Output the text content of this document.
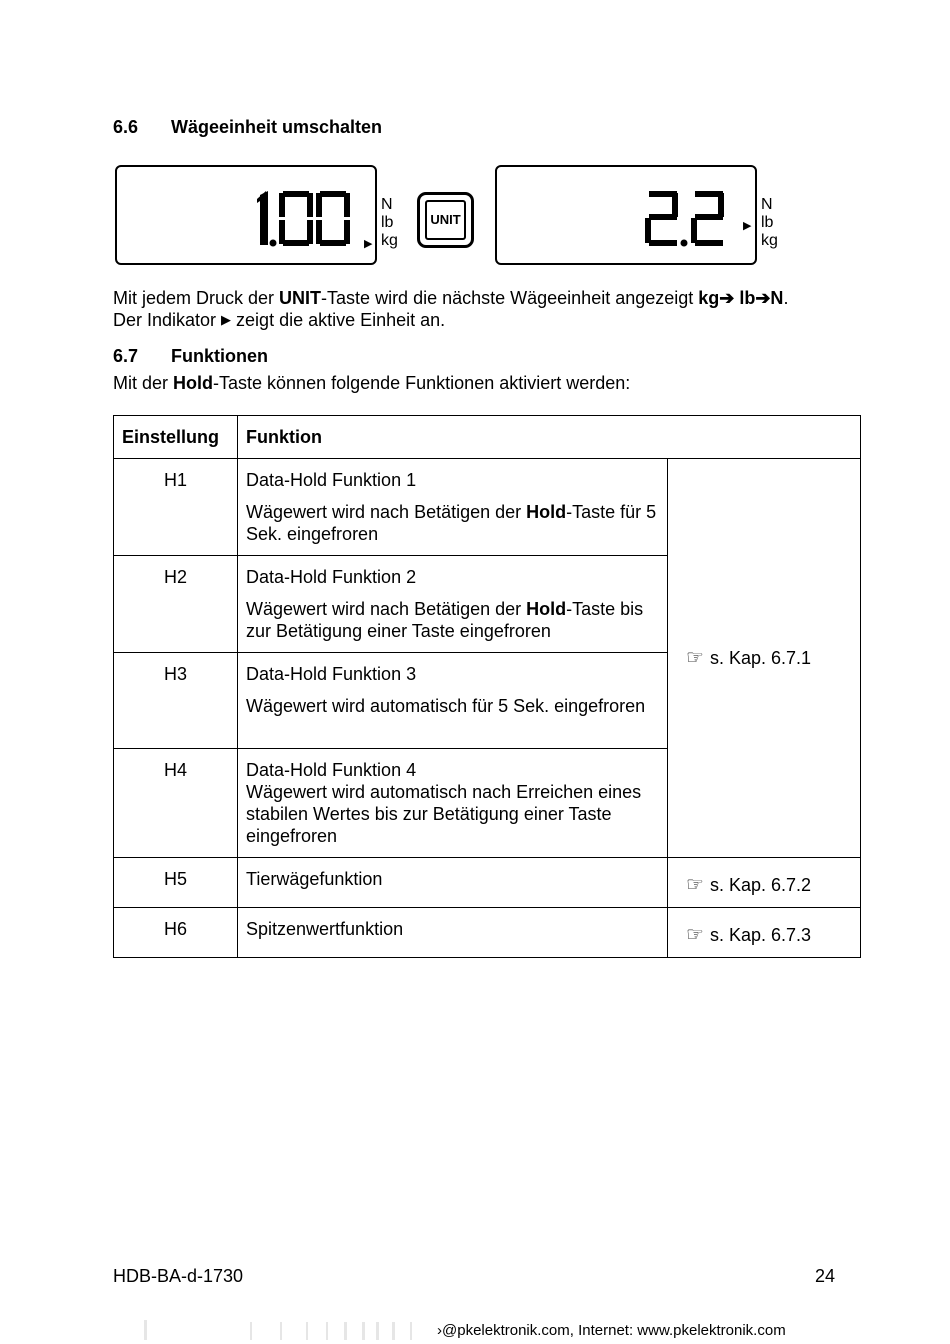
6.6 Wägeeinheit umschalten
▶
N
lb
kg
UNIT	▶
N
lb
kg
Mit jedem Druck der UNIT-Taste wird die nächste Wägeeinheit angezeigt kg➔ lb➔N.
Der Indikator ▶ zeigt die aktive Einheit an.
6.7 Funktionen
Mit der Hold-Taste können folgende Funktionen aktiviert werden:
Einstellung	Funktion	
H1	Data-Hold Funktion 1
Wägewert wird nach Betätigen der Hold-Taste für 5 Sek. eingefroren	☞ s. Kap. 6.7.1
H2	Data-Hold Funktion 2
Wägewert wird nach Betätigen der Hold-Taste bis zur Betätigung einer Taste eingefroren	

H3	Data-Hold Funktion 3
Wägewert wird automatisch für 5 Sek. eingefroren	

H4	Data-Hold Funktion 4
Wägewert wird automatisch nach Erreichen eines stabilen Wertes bis zur Betätigung einer Taste eingefroren	

H5	Tierwägefunktion	☞ s. Kap. 6.7.2
H6	Spitzenwertfunktion	☞ s. Kap. 6.7.3
HDB-BA-d-1730	24
›@pkelektronik.com, Internet: www.pkelektronik.com
